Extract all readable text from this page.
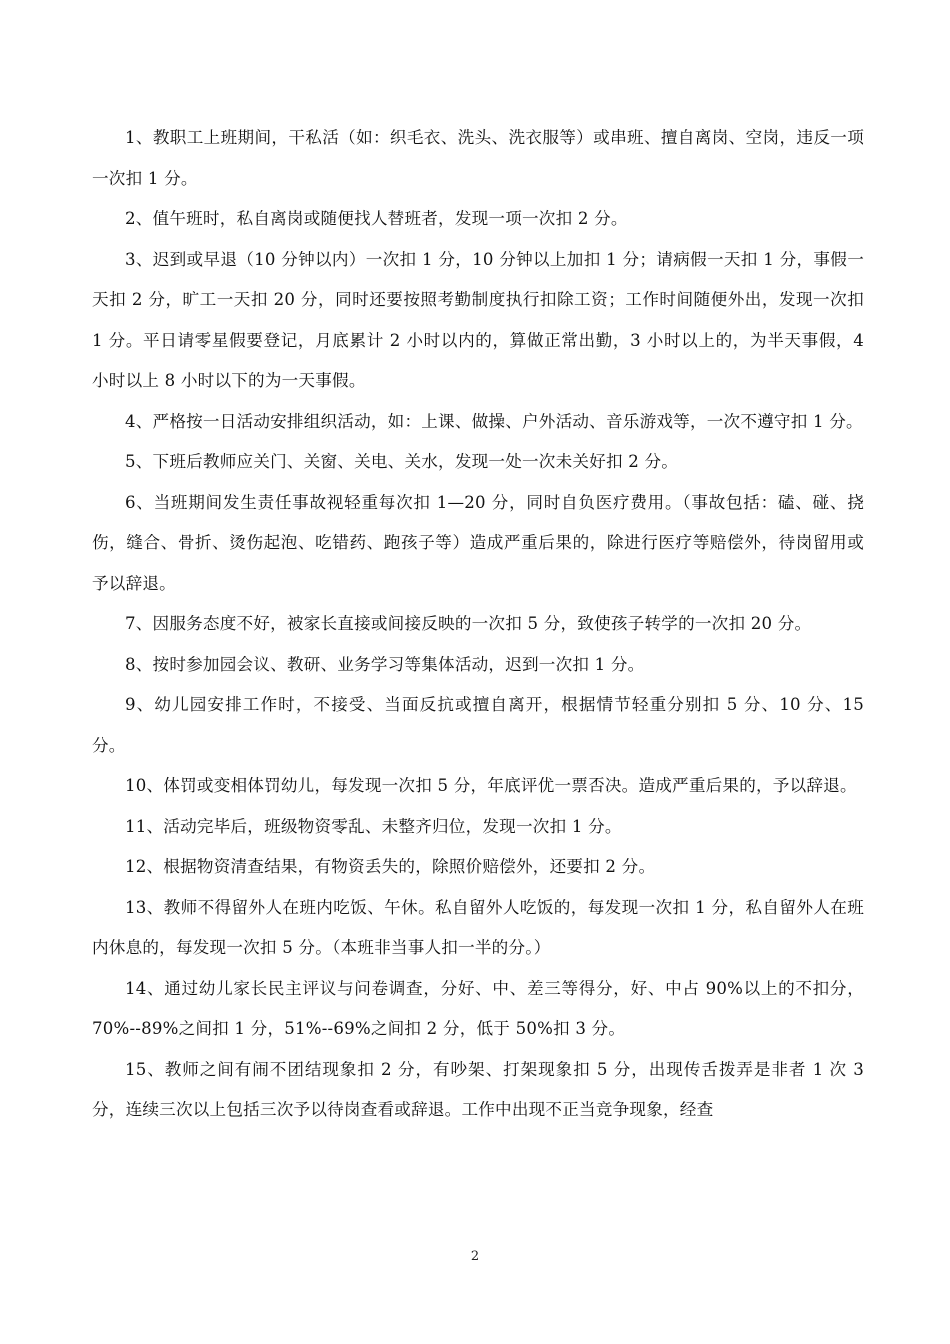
1、教职工上班期间，干私活（如：织毛衣、洗头、洗衣服等）或串班、擅自离岗、空岗，违反一项一次扣 1 分。

2、值午班时，私自离岗或随便找人替班者，发现一项一次扣 2 分。

3、迟到或早退（10 分钟以内）一次扣 1 分，10 分钟以上加扣 1 分；请病假一天扣 1 分，事假一天扣 2 分，旷工一天扣 20 分，同时还要按照考勤制度执行扣除工资；工作时间随便外出，发现一次扣 1 分。平日请零星假要登记，月底累计 2 小时以内的，算做正常出勤，3 小时以上的，为半天事假，4 小时以上 8 小时以下的为一天事假。

4、严格按一日活动安排组织活动，如：上课、做操、户外活动、音乐游戏等，一次不遵守扣 1 分。

5、下班后教师应关门、关窗、关电、关水，发现一处一次未关好扣 2 分。

6、当班期间发生责任事故视轻重每次扣 1—20 分，同时自负医疗费用。（事故包括：磕、碰、挠伤，缝合、骨折、烫伤起泡、吃错药、跑孩子等）造成严重后果的，除进行医疗等赔偿外，待岗留用或予以辞退。

7、因服务态度不好，被家长直接或间接反映的一次扣 5 分，致使孩子转学的一次扣 20 分。

8、按时参加园会议、教研、业务学习等集体活动，迟到一次扣 1 分。

9、幼儿园安排工作时，不接受、当面反抗或擅自离开，根据情节轻重分别扣 5 分、10 分、15 分。

10、体罚或变相体罚幼儿，每发现一次扣 5 分，年底评优一票否决。造成严重后果的，予以辞退。

11、活动完毕后，班级物资零乱、未整齐归位，发现一次扣 1 分。

12、根据物资清查结果，有物资丢失的，除照价赔偿外，还要扣 2 分。

13、教师不得留外人在班内吃饭、午休。私自留外人吃饭的，每发现一次扣 1 分，私自留外人在班内休息的，每发现一次扣 5 分。（本班非当事人扣一半的分。）

14、通过幼儿家长民主评议与问卷调查，分好、中、差三等得分，好、中占 90%以上的不扣分，70%--89%之间扣 1 分，51%--69%之间扣 2 分，低于 50%扣 3 分。

15、教师之间有闹不团结现象扣 2 分，有吵架、打架现象扣 5 分，出现传舌拨弄是非者 1 次 3 分，连续三次以上包括三次予以待岗查看或辞退。工作中出现不正当竞争现象，经查

2
